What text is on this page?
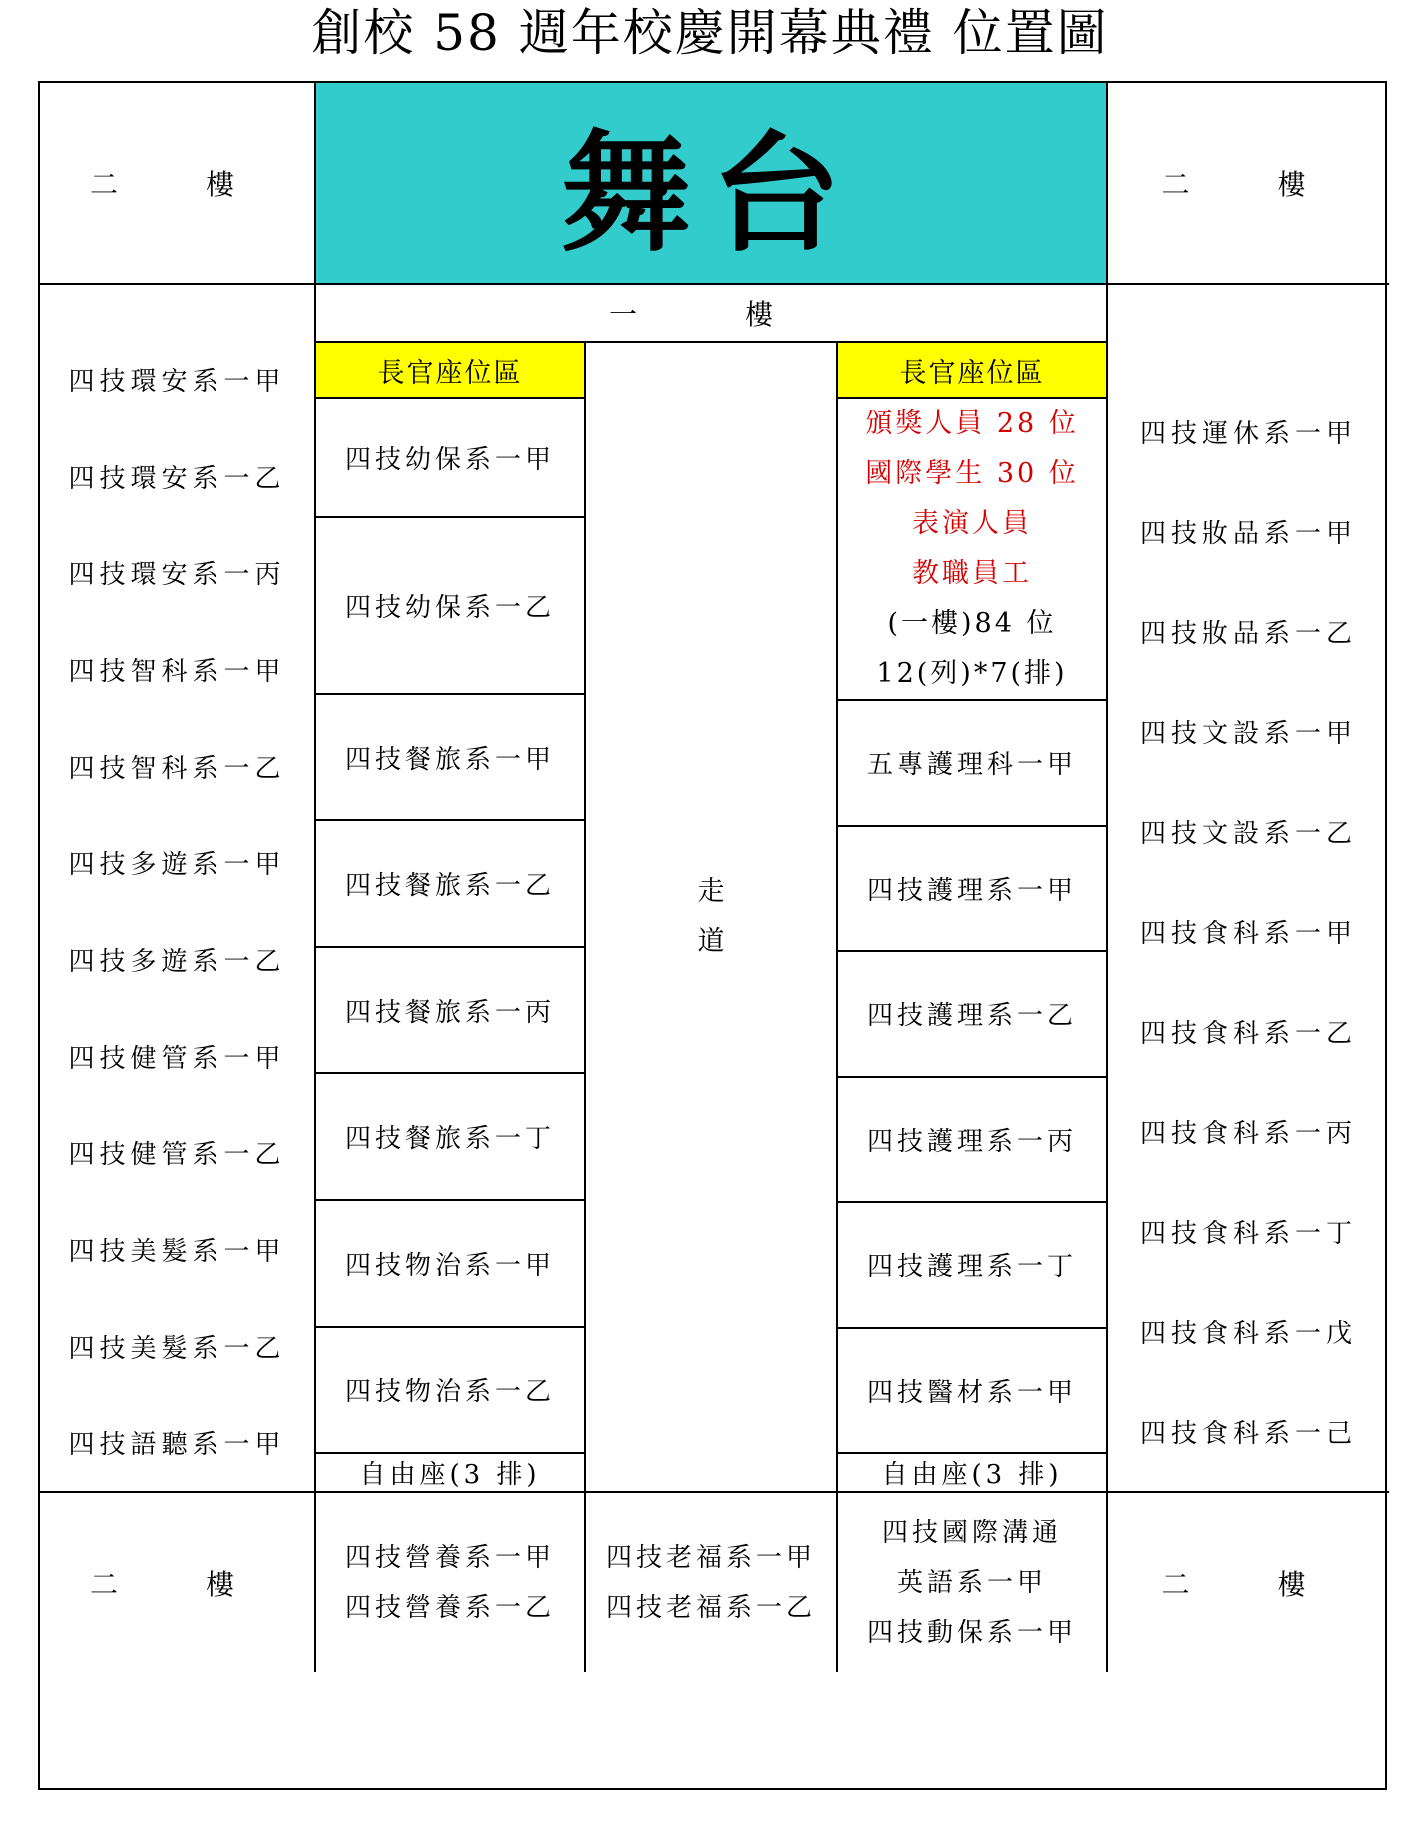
創校 58 週年校慶開幕典禮 位置圖
二　樓	舞台	二　樓
四技環安系一甲
四技環安系一乙
四技環安系一丙
四技智科系一甲
四技智科系一乙
四技多遊系一甲
四技多遊系一乙
四技健管系一甲
四技健管系一乙
四技美髮系一甲
四技美髮系一乙
四技語聽系一甲
一　樓
四技運休系一甲
四技妝品系一甲
四技妝品系一乙
四技文設系一甲
四技文設系一乙
四技食科系一甲
四技食科系一乙
四技食科系一丙
四技食科系一丁
四技食科系一戊
四技食科系一己
長官座位區
走
道
長官座位區
四技幼保系一甲
四技幼保系一乙
四技餐旅系一甲
四技餐旅系一乙
四技餐旅系一丙
四技餐旅系一丁
四技物治系一甲
四技物治系一乙
自由座(3 排)
頒獎人員 28 位
國際學生 30 位
表演人員
教職員工
(一樓)84 位
12(列)*7(排)
五專護理科一甲
四技護理系一甲
四技護理系一乙
四技護理系一丙
四技護理系一丁
四技醫材系一甲
自由座(3 排)
二　樓
四技營養系一甲
四技營養系一乙
四技老福系一甲
四技老福系一乙
四技國際溝通
英語系一甲
四技動保系一甲
二　樓
